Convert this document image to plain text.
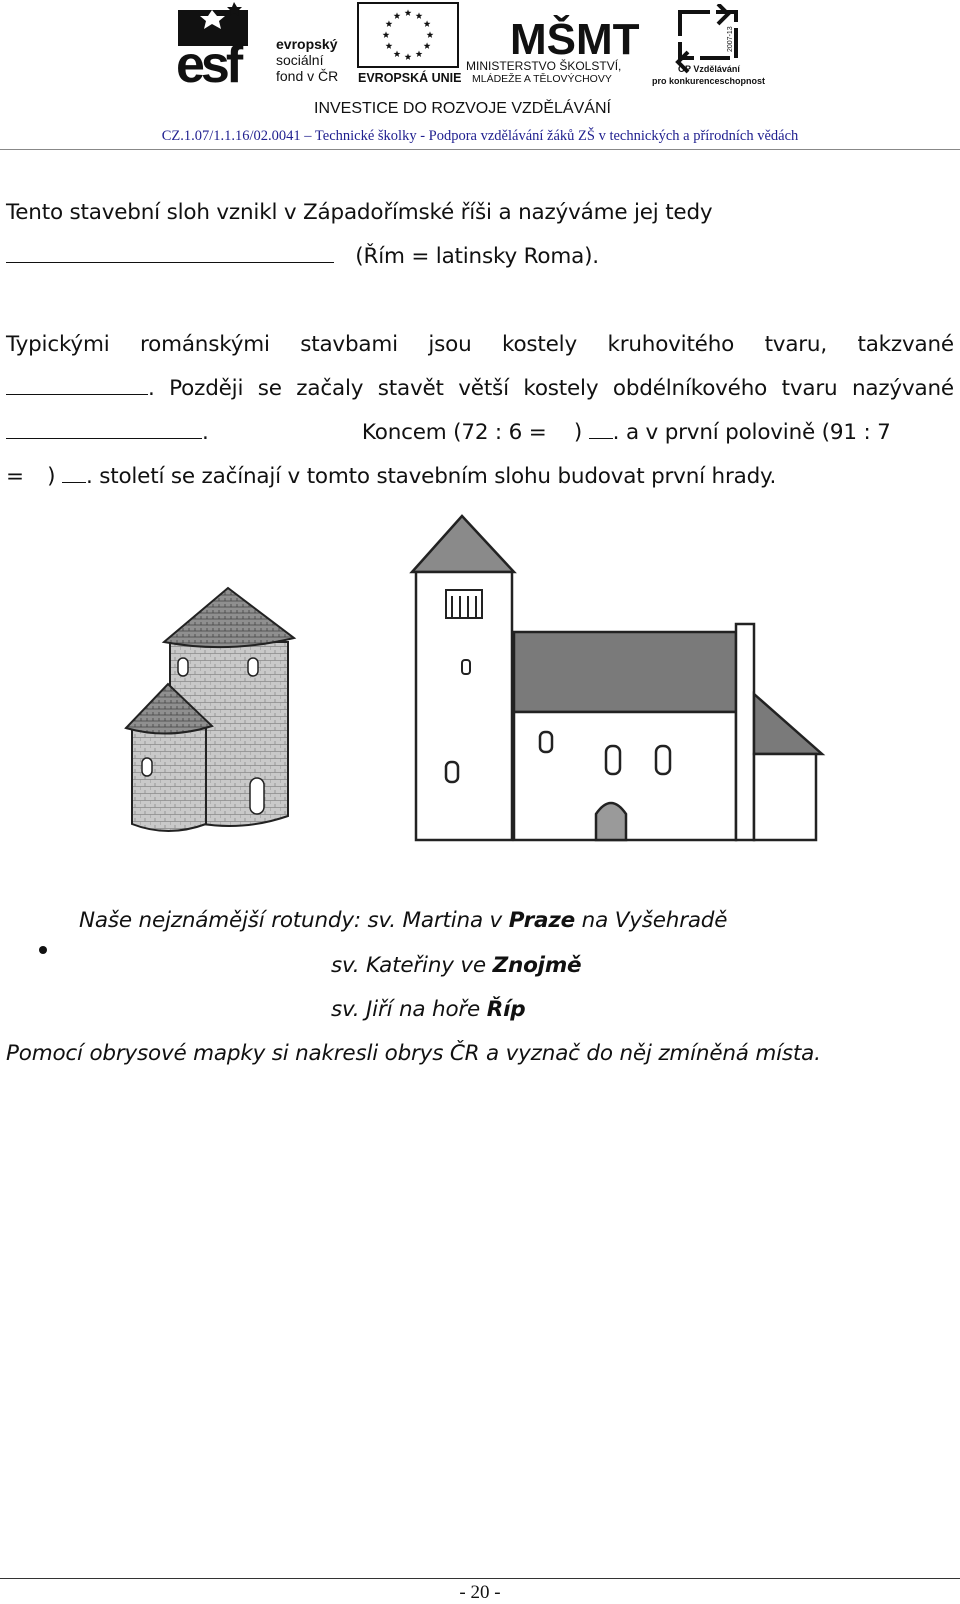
esf	evropský
sociální
fond v ČR EVROPSKÁ UNIE
MŠMT
MINISTERSTVO ŠKOLSTVÍ,
MLÁDEŽE A TĚLOVÝCHOVY
2007-13
OP Vzdělávání
pro konkurenceschopnost
INVESTICE DO ROZVOJE VZDĚLÁVÁNÍ
CZ.1.07/1.1.16/02.0041 – Technické školky - Podpora vzdělávání žáků ZŠ v technických a přírodních vědách
Tento stavební sloh vznikl v Západořímské říši a nazýváme jej tedy
(Řím = latinsky Roma).
Typickými románskými stavbami jsou kostely kruhovitého tvaru, takzvané
. Později se začaly stavět větší kostely obdélníkového tvaru nazývané
.	Koncem (72 : 6 = ) . a v první polovině (91 : 7
= ) . století se začínají v tomto stavebním slohu budovat první hrady.
Naše nejznámější rotundy: sv. Martina v Praze na Vyšehradě
sv. Kateřiny ve Znojmě
sv. Jiří na hoře Říp
Pomocí obrysové mapky si nakresli obrys ČR a vyznač do něj zmíněná místa.
- 20 -
